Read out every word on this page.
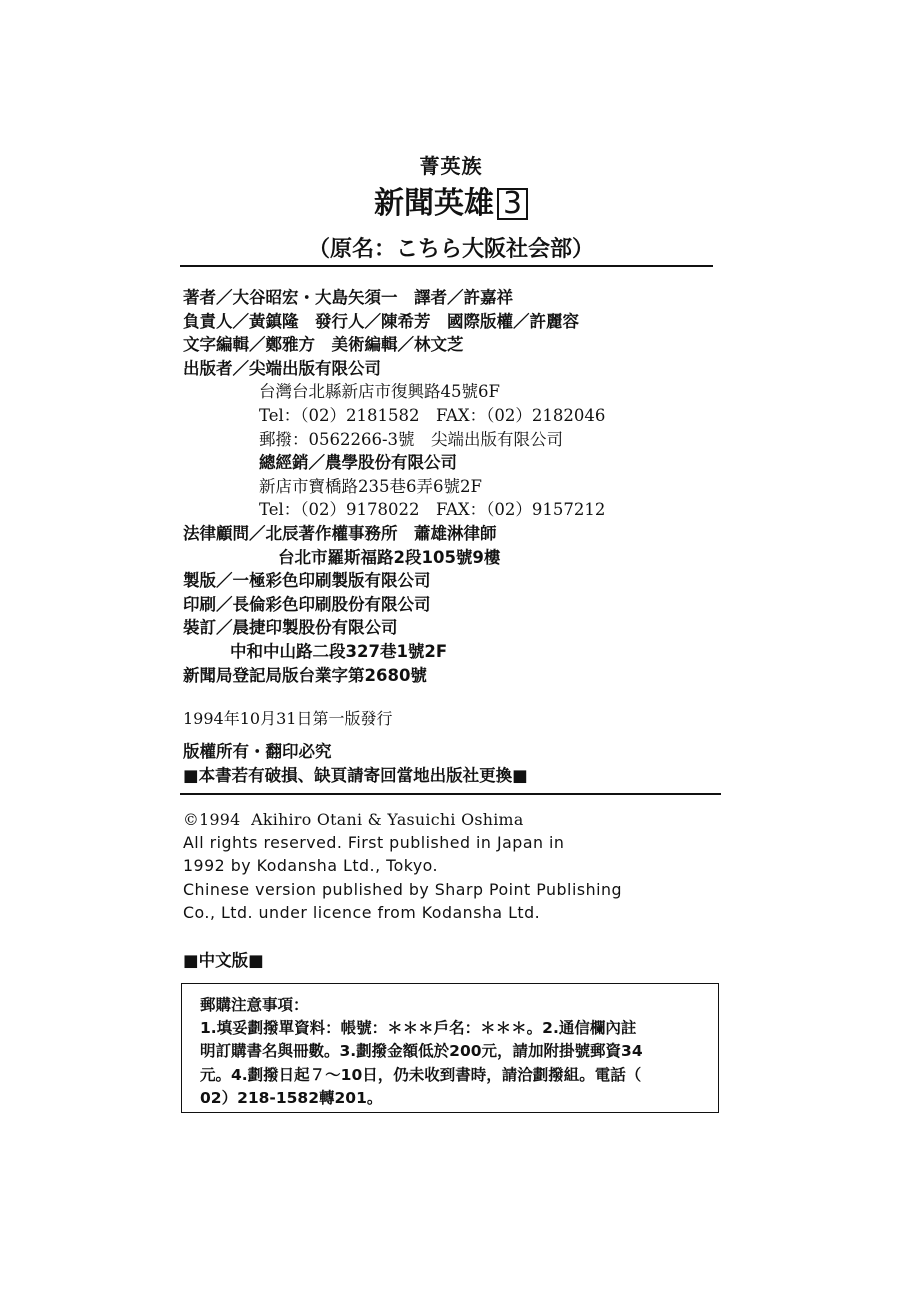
菁英族
新聞英雄 3
（原名：こちら大阪社会部）
著者／大谷昭宏・大島矢須一　譯者／許嘉祥
負責人／黃鎮隆　發行人／陳希芳　國際版權／許麗容
文字編輯／鄭雅方　美術編輯／林文芝
出版者／尖端出版有限公司
台灣台北縣新店市復興路45號6F
Tel：（02）2181582　FAX：（02）2182046
郵撥：0562266-3號　尖端出版有限公司
總經銷／農學股份有限公司
新店市寶橋路235巷6弄6號2F
Tel：（02）9178022　FAX：（02）9157212
法律顧問／北辰著作權事務所　蕭雄淋律師
台北市羅斯福路2段105號9樓
製版／一極彩色印刷製版有限公司
印刷／長倫彩色印刷股份有限公司
裝訂／晨捷印製股份有限公司
中和中山路二段327巷1號2F
新聞局登記局版台業字第2680號
1994年10月31日第一版發行
版權所有・翻印必究
■本書若有破損、缺頁請寄回當地出版社更換■
©1994  Akihiro Otani & Yasuichi Oshima
All rights reserved. First published in Japan in
1992 by Kodansha Ltd., Tokyo.
Chinese version published by Sharp Point Publishing
Co., Ltd. under licence from Kodansha Ltd.
■中文版■
郵購注意事項：
1.填妥劃撥單資料：帳號：＊＊＊戶名：＊＊＊。2.通信欄內註
明訂購書名與冊數。3.劃撥金額低於200元，請加附掛號郵資34
元。4.劃撥日起７～10日，仍未收到書時，請洽劃撥組。電話（
02）218-1582轉201。
